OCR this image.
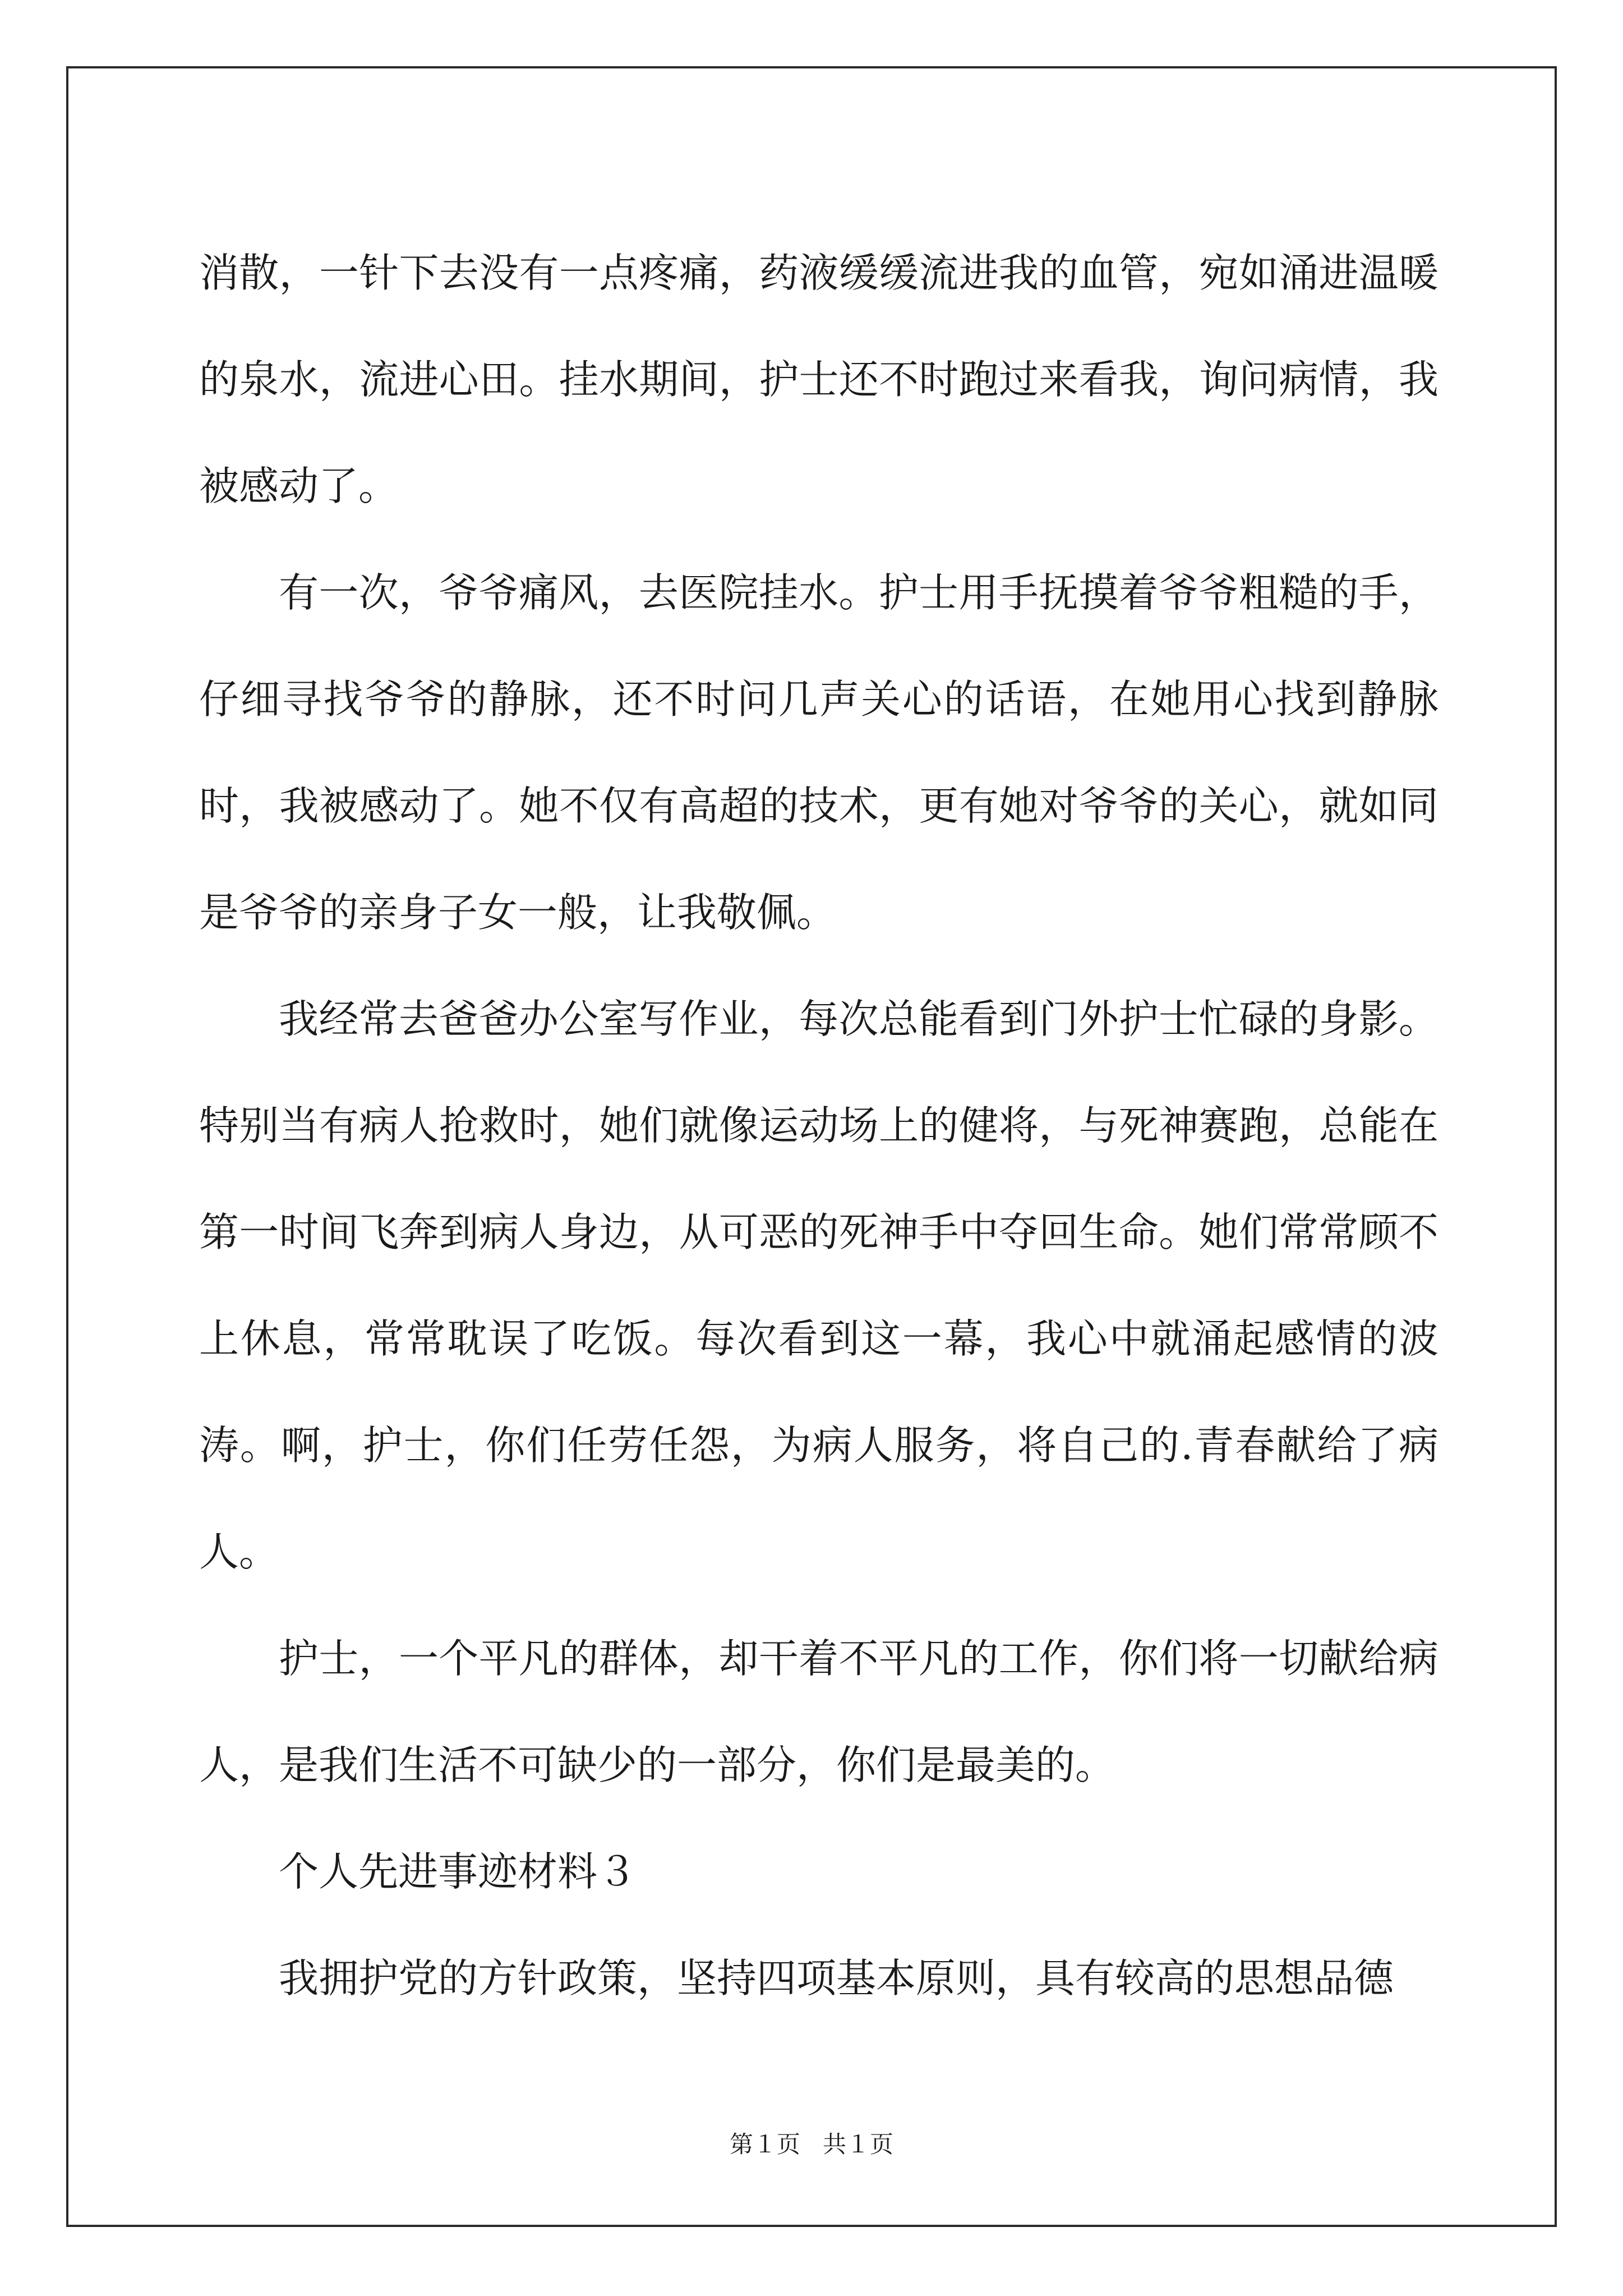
消散，一针下去没有一点疼痛，药液缓缓流进我的血管，宛如涌进温暖的泉水，流进心田。挂水期间，护士还不时跑过来看我，询问病情，我被感动了。

有一次，爷爷痛风，去医院挂水。护士用手抚摸着爷爷粗糙的手，仔细寻找爷爷的静脉，还不时问几声关心的话语，在她用心找到静脉时，我被感动了。她不仅有高超的技术，更有她对爷爷的关心，就如同是爷爷的亲身子女一般，让我敬佩。

我经常去爸爸办公室写作业，每次总能看到门外护士忙碌的身影。特别当有病人抢救时，她们就像运动场上的健将，与死神赛跑，总能在第一时间飞奔到病人身边，从可恶的死神手中夺回生命。她们常常顾不上休息，常常耽误了吃饭。每次看到这一幕，我心中就涌起感情的波涛。啊，护士，你们任劳任怨，为病人服务，将自己的.青春献给了病人。

护士，一个平凡的群体，却干着不平凡的工作，你们将一切献给病人，是我们生活不可缺少的一部分，你们是最美的。

个人先进事迹材料３

我拥护党的方针政策，坚持四项基本原则，具有较高的思想品德

第１页 共１页
